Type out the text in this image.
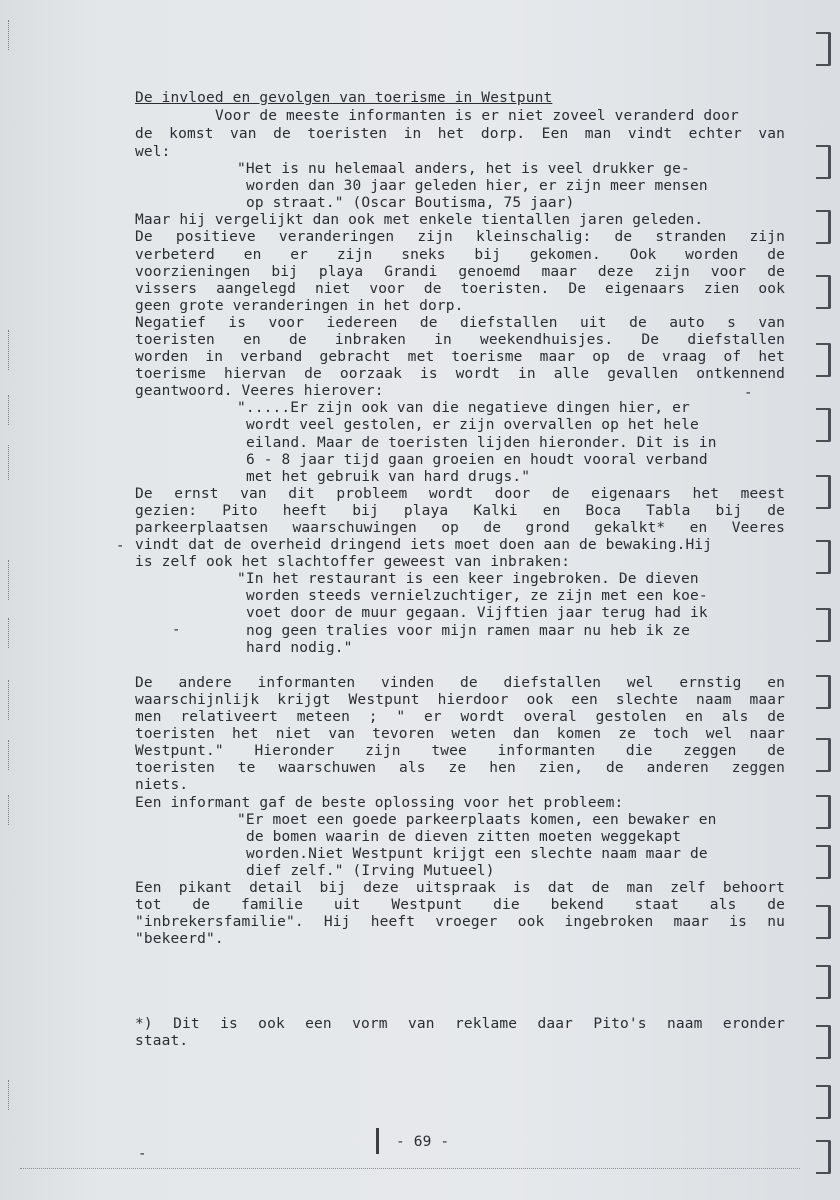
De invloed en gevolgen van toerisme in Westpunt
Voor de meeste informanten is er niet zoveel veranderd door
de komst van de toeristen in het dorp. Een man vindt echter van
wel:
"Het is nu helemaal anders, het is veel drukker ge-
worden dan 30 jaar geleden hier, er zijn meer mensen
op straat." (Oscar Boutisma, 75 jaar)
Maar hij vergelijkt dan ook met enkele tientallen jaren geleden.
De positieve veranderingen zijn kleinschalig: de stranden zijn
verbeterd en er zijn sneks bij gekomen. Ook worden de
voorzieningen bij playa Grandi genoemd maar deze zijn voor de
vissers aangelegd niet voor de toeristen. De eigenaars zien ook
geen grote veranderingen in het dorp.
Negatief is voor iedereen de diefstallen uit de auto s van
toeristen en de inbraken in weekendhuisjes. De diefstallen
worden in verband gebracht met toerisme maar op de vraag of het
toerisme hiervan de oorzaak is wordt in alle gevallen ontkennend
geantwoord. Veeres hierover:
".....Er zijn ook van die negatieve dingen hier, er
wordt veel gestolen, er zijn overvallen op het hele
eiland. Maar de toeristen lijden hieronder. Dit is in
6 - 8 jaar tijd gaan groeien en houdt vooral verband
met het gebruik van hard drugs."
De ernst van dit probleem wordt door de eigenaars het meest
gezien: Pito heeft bij playa Kalki en Boca Tabla bij de
parkeerplaatsen waarschuwingen op de grond gekalkt* en Veeres
vindt dat de overheid dringend iets moet doen aan de bewaking.Hij
is zelf ook het slachtoffer geweest van inbraken:
"In het restaurant is een keer ingebroken. De dieven
worden steeds vernielzuchtiger, ze zijn met een koe-
voet door de muur gegaan. Vijftien jaar terug had ik
nog geen tralies voor mijn ramen maar nu heb ik ze
hard nodig."
De andere informanten vinden de diefstallen wel ernstig en
waarschijnlijk krijgt Westpunt hierdoor ook een slechte naam maar
men relativeert meteen ; " er wordt overal gestolen en als de
toeristen het niet van tevoren weten dan komen ze toch wel naar
Westpunt." Hieronder zijn twee informanten die zeggen de
toeristen te waarschuwen als ze hen zien, de anderen zeggen
niets.
Een informant gaf de beste oplossing voor het probleem:
"Er moet een goede parkeerplaats komen, een bewaker en
de bomen waarin de dieven zitten moeten weggekapt
worden.Niet Westpunt krijgt een slechte naam maar de
dief zelf." (Irving Mutueel)
Een pikant detail bij deze uitspraak is dat de man zelf behoort
tot de familie uit Westpunt die bekend staat als de
"inbrekersfamilie". Hij heeft vroeger ook ingebroken maar is nu
"bekeerd".
*) Dit is ook een vorm van reklame daar Pito's naam eronder
staat.
- 69 -
-
-
-
-
